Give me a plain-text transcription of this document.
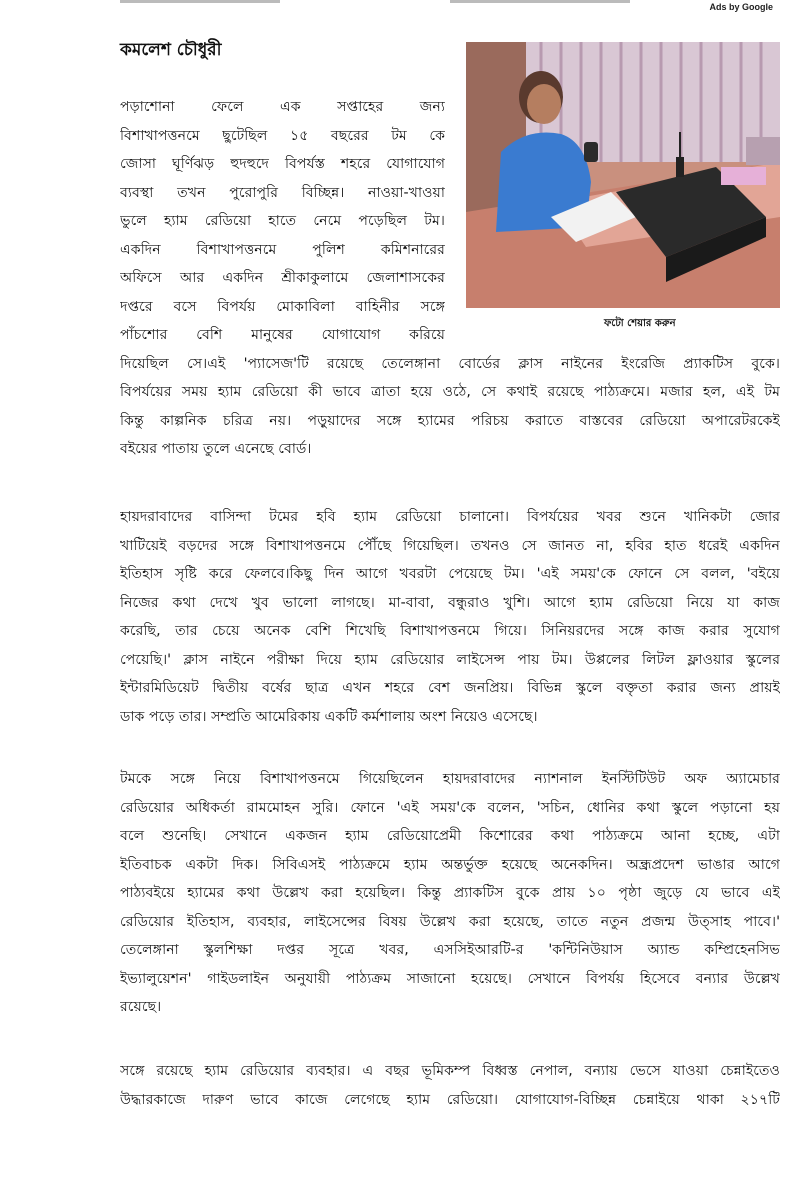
Ads by Google
কমলেশ চৌধুরী
ফটো শেয়ার করুন
পড়াশোনা ফেলে এক সপ্তাহের জন্য
বিশাখাপত্তনমে ছুটেছিল ১৫ বছরের টম কে
জোসা ঘূর্ণিঝড় হুদহুদে বিপর্যস্ত শহরে যোগাযোগ
ব্যবস্থা তখন পুরোপুরি বিচ্ছিন্ন। নাওয়া-খাওয়া
ভুলে হ্যাম রেডিয়ো হাতে নেমে পড়েছিল টম।
একদিন বিশাখাপত্তনমে পুলিশ কমিশনারের
অফিসে আর একদিন শ্রীকাকুলামে জেলাশাসকের
দপ্তরে বসে বিপর্যয় মোকাবিলা বাহিনীর সঙ্গে
পাঁচশোর বেশি মানুষের যোগাযোগ করিয়ে
দিয়েছিল সে।এই 'প্যাসেজ'টি রয়েছে তেলেঙ্গানা বোর্ডের ক্লাস নাইনের ইংরেজি প্র্যাকটিস বুকে।
বিপর্যয়ের সময় হ্যাম রেডিয়ো কী ভাবে ত্রাতা হয়ে ওঠে, সে কথাই রয়েছে পাঠ্যক্রমে। মজার হল, এই টম
কিন্তু কাল্পনিক চরিত্র নয়। পড়ুয়াদের সঙ্গে হ্যামের পরিচয় করাতে বাস্তবের রেডিয়ো অপারেটরকেই
বইয়ের পাতায় তুলে এনেছে বোর্ড।
হায়দরাবাদের বাসিন্দা টমের হবি হ্যাম রেডিয়ো চালানো। বিপর্যয়ের খবর শুনে খানিকটা জোর
খাটিয়েই বড়দের সঙ্গে বিশাখাপত্তনমে পৌঁছে গিয়েছিল। তখনও সে জানত না, হবির হাত ধরেই একদিন
ইতিহাস সৃষ্টি করে ফেলবে।কিছু দিন আগে খবরটা পেয়েছে টম। 'এই সময়'কে ফোনে সে বলল, 'বইয়ে
নিজের কথা দেখে খুব ভালো লাগছে। মা-বাবা, বন্ধুরাও খুশি। আগে হ্যাম রেডিয়ো নিয়ে যা কাজ
করেছি, তার চেয়ে অনেক বেশি শিখেছি বিশাখাপত্তনমে গিয়ে। সিনিয়রদের সঙ্গে কাজ করার সুযোগ
পেয়েছি।' ক্লাস নাইনে পরীক্ষা দিয়ে হ্যাম রেডিয়োর লাইসেন্স পায় টম। উপ্পলের লিটল ফ্লাওয়ার স্কুলের
ইন্টারমিডিয়েট দ্বিতীয় বর্ষের ছাত্র এখন শহরে বেশ জনপ্রিয়। বিভিন্ন স্কুলে বক্তৃতা করার জন্য প্রায়ই
ডাক পড়ে তার। সম্প্রতি আমেরিকায় একটি কর্মশালায় অংশ নিয়েও এসেছে।
টমকে সঙ্গে নিয়ে বিশাখাপত্তনমে গিয়েছিলেন হায়দরাবাদের ন্যাশনাল ইনস্টিটিউট অফ অ্যামেচার
রেডিয়োর অধিকর্তা রামমোহন সুরি। ফোনে 'এই সময়'কে বলেন, 'সচিন, ধোনির কথা স্কুলে পড়ানো হয়
বলে শুনেছি। সেখানে একজন হ্যাম রেডিয়োপ্রেমী কিশোরের কথা পাঠ্যক্রমে আনা হচ্ছে, এটা
ইতিবাচক একটা দিক। সিবিএসই পাঠ্যক্রমে হ্যাম অন্তর্ভুক্ত হয়েছে অনেকদিন। অন্ধ্রপ্রদেশ ভাঙার আগে
পাঠ্যবইয়ে হ্যামের কথা উল্লেখ করা হয়েছিল। কিন্তু প্র্যাকটিস বুকে প্রায় ১০ পৃষ্ঠা জুড়ে যে ভাবে এই
রেডিয়োর ইতিহাস, ব্যবহার, লাইসেন্সের বিষয় উল্লেখ করা হয়েছে, তাতে নতুন প্রজন্ম উত্সাহ পাবে।'
তেলেঙ্গানা স্কুলশিক্ষা দপ্তর সূত্রে খবর, এসসিইআরটি-র 'কন্টিনিউয়াস অ্যান্ড কম্প্রিহেনসিভ
ইভ্যালুয়েশন' গাইডলাইন অনুযায়ী পাঠ্যক্রম সাজানো হয়েছে। সেখানে বিপর্যয় হিসেবে বন্যার উল্লেখ
রয়েছে।
সঙ্গে রয়েছে হ্যাম রেডিয়োর ব্যবহার। এ বছর ভূমিকম্প বিধ্বস্ত নেপাল, বন্যায় ভেসে যাওয়া চেন্নাইতেও
উদ্ধারকাজে দারুণ ভাবে কাজে লেগেছে হ্যাম রেডিয়ো। যোগাযোগ-বিচ্ছিন্ন চেন্নাইয়ে থাকা ২১৭টি
